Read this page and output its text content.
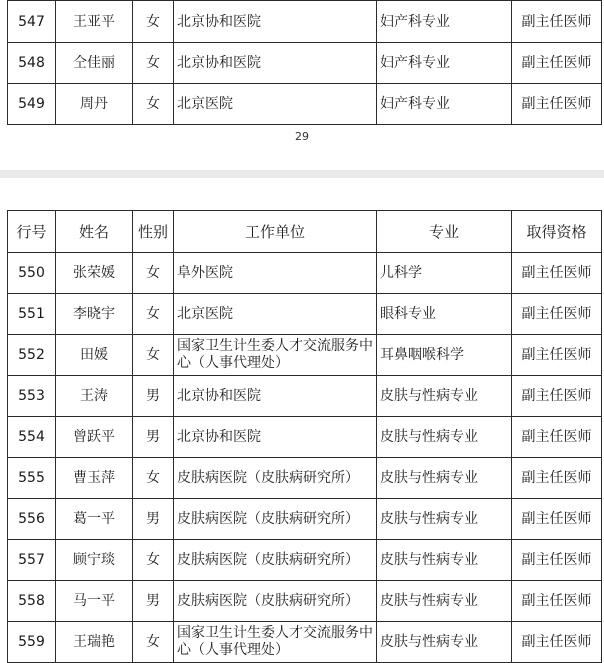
547	王亚平	女	北京协和医院	妇产科专业	副主任医师
548	仝佳丽	女	北京协和医院	妇产科专业	副主任医师
549	周丹	女	北京医院	妇产科专业	副主任医师
29
行号	姓名	性别	工作单位	专业	取得资格
550	张荣媛	女	阜外医院	儿科学	副主任医师
551	李晓宇	女	北京医院	眼科专业	副主任医师
552	田媛	女	国家卫生计生委人才交流服务中心（人事代理处）	耳鼻咽喉科学	副主任医师
553	王涛	男	北京协和医院	皮肤与性病专业	副主任医师
554	曾跃平	男	北京协和医院	皮肤与性病专业	副主任医师
555	曹玉萍	女	皮肤病医院（皮肤病研究所）	皮肤与性病专业	副主任医师
556	葛一平	男	皮肤病医院（皮肤病研究所）	皮肤与性病专业	副主任医师
557	顾宁琰	女	皮肤病医院（皮肤病研究所）	皮肤与性病专业	副主任医师
558	马一平	男	皮肤病医院（皮肤病研究所）	皮肤与性病专业	副主任医师
559	王瑞艳	女	国家卫生计生委人才交流服务中心（人事代理处）	皮肤与性病专业	副主任医师
